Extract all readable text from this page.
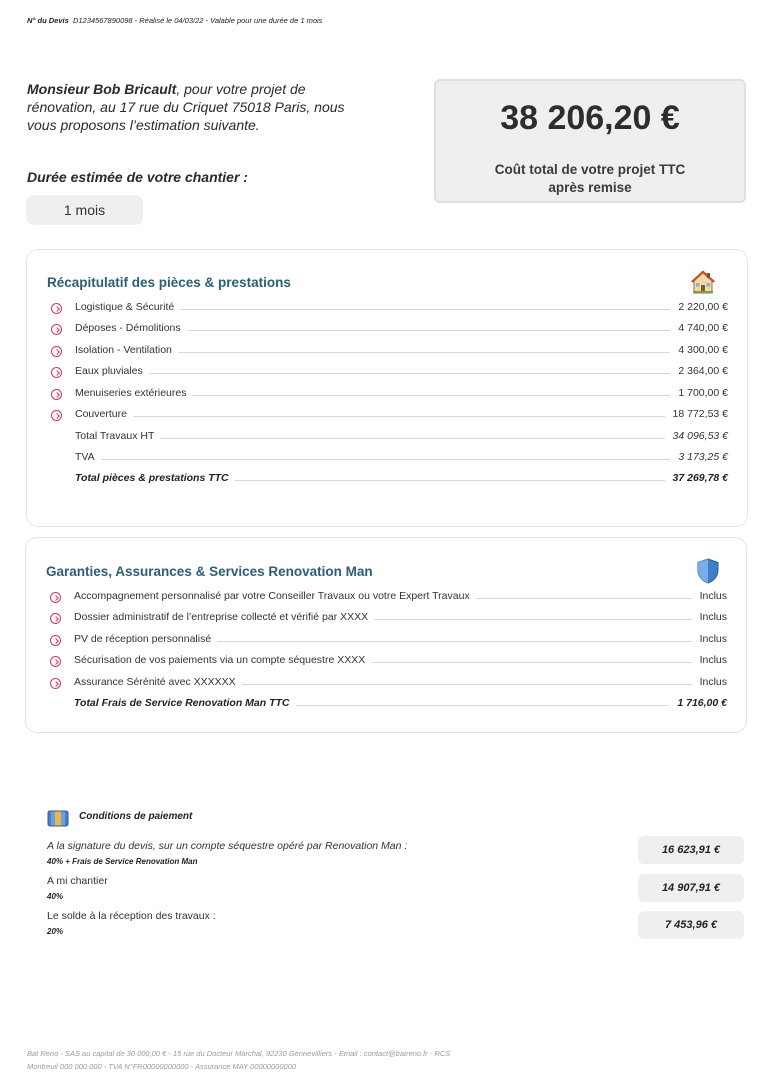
N° du Devis D1234567890098 - Réalisé le 04/03/22 - Valable pour une durée de 1 mois
Monsieur Bob Bricault, pour votre projet de rénovation, au 17 rue du Criquet 75018 Paris, nous vous proposons l’estimation suivante.
Durée estimée de votre chantier :
1 mois
38 206,20 €
Coût total de votre projet TTC
après remise
Récapitulatif des pièces & prestations
Logistique & Sécurité	2 220,00 €
Déposes - Démolitions	4 740,00 €
Isolation - Ventilation	4 300,00 €
Eaux pluviales	2 364,00 €
Menuiseries extérieures	1 700,00 €
Couverture	18 772,53 €
Total Travaux HT	34 096,53 €
TVA	3 173,25 €
Total pièces & prestations TTC	37 269,78 €
Garanties, Assurances & Services Renovation Man
Accompagnement personnalisé par votre Conseiller Travaux ou votre Expert Travaux	Inclus
Dossier administratif de l’entreprise collecté et vérifié par XXXX	Inclus
PV de réception personnalisé	Inclus
Sécurisation de vos paiements via un compte séquestre XXXX	Inclus
Assurance Sérénité avec XXXXXX	Inclus
Total Frais de Service Renovation Man TTC	1 716,00 €
Conditions de paiement
A la signature du devis, sur un compte séquestre opéré par Renovation Man :
40% + Frais de Service Renovation Man
16 623,91 €
A mi chantier
40%
14 907,91 €
Le solde à la réception des travaux :
20%
7 453,96 €
Bat Reno - SAS au capital de 30 000,00 € - 15 rue du Docteur Marchal, 92230 Gennevilliers - Email : contact@batreno.fr - RCS
Montreuil 000 000 000 - TVA N°FR00000000000 - Assurance MAY 00000000000
